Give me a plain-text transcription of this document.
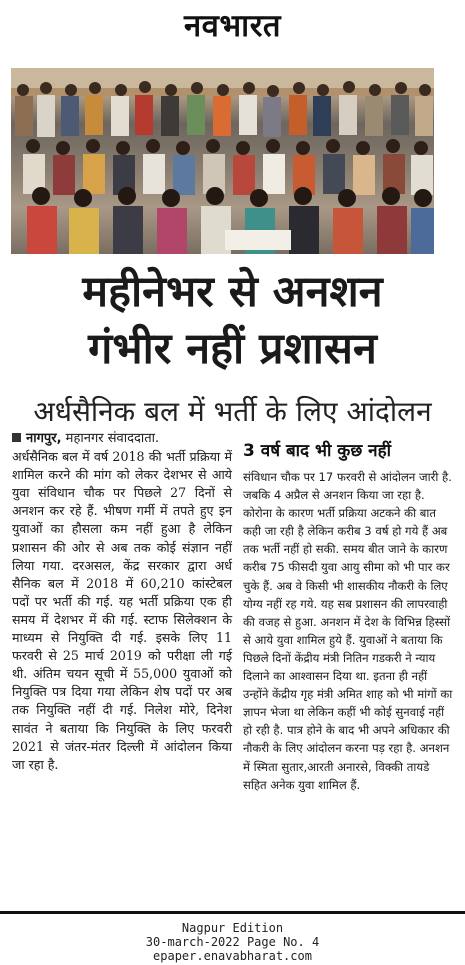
नवभारत
महीनेभर से अनशन
गंभीर नहीं प्रशासन
अर्धसैनिक बल में भर्ती के लिए आंदोलन
नागपुर, महानगर संवाददाता.

अर्धसैनिक बल में वर्ष 2018 की भर्ती प्रक्रिया में शामिल करने की मांग को लेकर देशभर से आये युवा संविधान चौक पर पिछले 27 दिनों से अनशन कर रहे हैं. भीषण गर्मी में तपते हुए इन युवाओं का हौसला कम नहीं हुआ है लेकिन प्रशासन की ओर से अब तक कोई संज्ञान नहीं लिया गया. दरअसल, केंद्र सरकार द्वारा अर्ध सैनिक बल में 2018 में 60,210 कांस्टेबल पदों पर भर्ती की गई. यह भर्ती प्रक्रिया एक ही समय में देशभर में की गई. स्टाफ सिलेक्शन के माध्यम से नियुक्ति दी गई. इसके लिए 11 फरवरी से 25 मार्च 2019 को परीक्षा ली गई थी. अंतिम चयन सूची में 55,000 युवाओं को नियुक्ति पत्र दिया गया लेकिन शेष पदों पर अब तक नियुक्ति नहीं दी गई. निलेश मोरे, दिनेश सावंत ने बताया कि नियुक्ति के लिए फरवरी 2021 से जंतर-मंतर दिल्ली में आंदोलन किया जा रहा है.

3 वर्ष बाद भी कुछ नहीं

संविधान चौक पर 17 फरवरी से आंदोलन जारी है. जबकि 4 अप्रैल से अनशन किया जा रहा है. कोरोना के कारण भर्ती प्रक्रिया अटकने की बात कही जा रही है लेकिन करीब 3 वर्ष हो गये हैं अब तक भर्ती नहीं हो सकी. समय बीत जाने के कारण करीब 75 फीसदी युवा आयु सीमा को भी पार कर चुके हैं. अब वे किसी भी शासकीय नौकरी के लिए योग्य नहीं रह गये. यह सब प्रशासन की लापरवाही की वजह से हुआ. अनशन में देश के विभिन्न हिस्सों से आये युवा शामिल हुये हैं. युवाओं ने बताया कि पिछले दिनों केंद्रीय मंत्री नितिन गडकरी ने न्याय दिलाने का आश्वासन दिया था. इतना ही नहीं उन्होंने केंद्रीय गृह मंत्री अमित शाह को भी मांगों का ज्ञापन भेजा था लेकिन कहीं भी कोई सुनवाई नहीं हो रही है. पात्र होने के बाद भी अपने अधिकार की नौकरी के लिए आंदोलन करना पड़ रहा है. अनशन में स्मिता सुतार,आरती अनारसे, विक्की तायडे सहित अनेक युवा शामिल हैं.

Nagpur Edition
30-march-2022 Page No. 4
epaper.enavabharat.com
